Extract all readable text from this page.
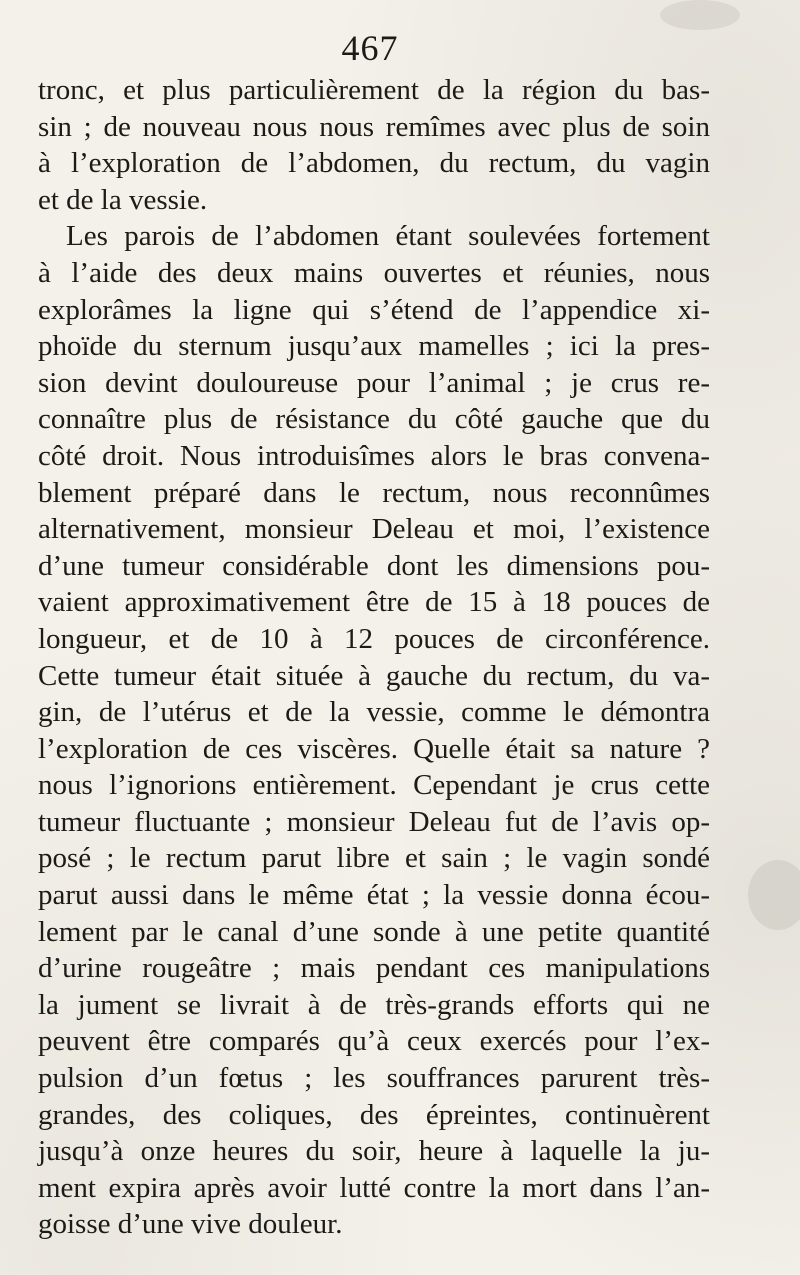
467
tronc, et plus particulièrement de la région du bas-
sin ; de nouveau nous nous remîmes avec plus de soin
à l’exploration de l’abdomen, du rectum, du vagin
et de la vessie.
Les parois de l’abdomen étant soulevées fortement
à l’aide des deux mains ouvertes et réunies, nous
explorâmes la ligne qui s’étend de l’appendice xi-
phoïde du sternum jusqu’aux mamelles ; ici la pres-
sion devint douloureuse pour l’animal ; je crus re-
connaître plus de résistance du côté gauche que du
côté droit. Nous introduisîmes alors le bras convena-
blement préparé dans le rectum, nous reconnûmes
alternativement, monsieur Deleau et moi, l’existence
d’une tumeur considérable dont les dimensions pou-
vaient approximativement être de 15 à 18 pouces de
longueur, et de 10 à 12 pouces de circonférence.
Cette tumeur était située à gauche du rectum, du va-
gin, de l’utérus et de la vessie, comme le démontra
l’exploration de ces viscères. Quelle était sa nature ?
nous l’ignorions entièrement. Cependant je crus cette
tumeur fluctuante ; monsieur Deleau fut de l’avis op-
posé ; le rectum parut libre et sain ; le vagin sondé
parut aussi dans le même état ; la vessie donna écou-
lement par le canal d’une sonde à une petite quantité
d’urine rougeâtre ; mais pendant ces manipulations
la jument se livrait à de très-grands efforts qui ne
peuvent être comparés qu’à ceux exercés pour l’ex-
pulsion d’un fœtus ; les souffrances parurent très-
grandes, des coliques, des épreintes, continuèrent
jusqu’à onze heures du soir, heure à laquelle la ju-
ment expira après avoir lutté contre la mort dans l’an-
goisse d’une vive douleur.
